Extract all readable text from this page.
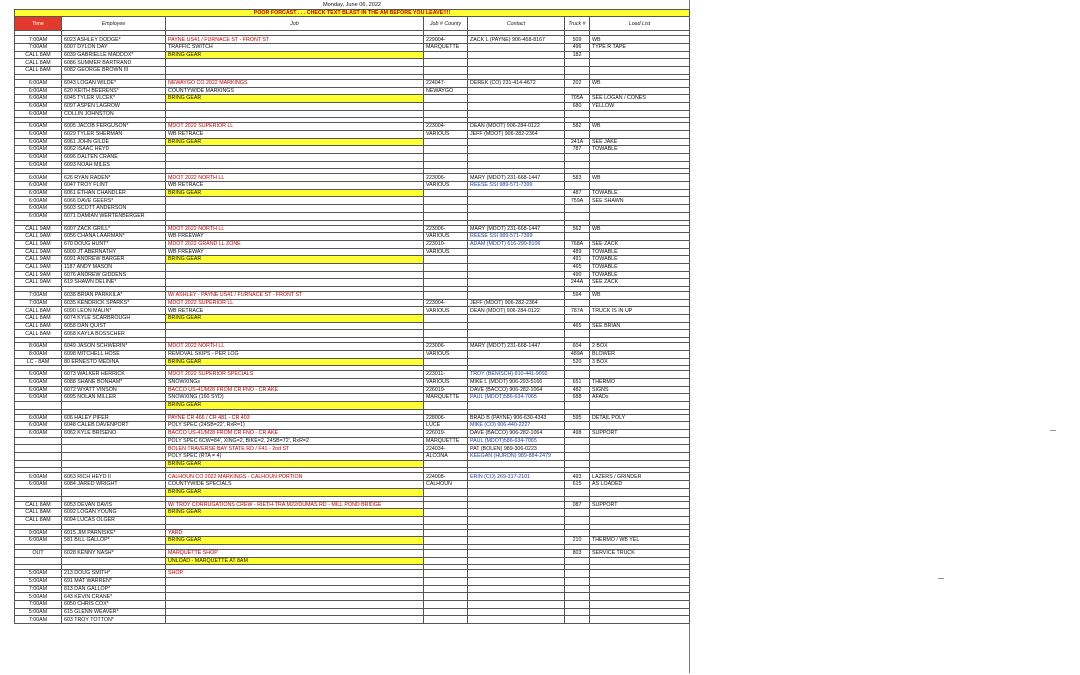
Monday, June 06, 2022						
POOR FORCAST . . . CHECK TEXT BLAST IN THE AM BEFORE YOU LEAVE!!!!						
Time	Employee	Job	Job # County	Contact	Truck #	Load List

7:00AM	6023 ASHLEY DODGE*	PAYNE US41 / FURNACE ST - FRONT ST	229004-	ZACK L (PAYNE) 906-458-8167	509	WB
7:00AM	6007 DYLON DAY	TRAFFIC SWITCH	MARQUETTE		496	TYPE R TAPE
CALL 8AM	6039 GABRIELLE MADDOX*	BRING GEAR			182	
CALL 8AM	6086 SUMMER BARTRAND					
CALL 8AM	6082 GEORGE BROWN III					

6:00AM	6043 LOGAN WILDE*	NEWAYGO CO 2022 MARKINGS	224047-	DEREK (CO) 231-414-4672	202	WB
6:00AM	620 KEITH BEERENS*	COUNTYWIDE MARKINGS	NEWAYGO			
6:00AM	6045 TYLER VLCEK*	BRING GEAR			705A	SEE LOGAN / CONES
6:00AM	6097 ASPEN LAGROW				680	YELLOW
6:00AM	COLLIN JOHNSTON					

6:00AM	6005 JACOB FERGUSON*	MDOT 2022 SUPERIOR LL	223004-	DEAN (MDOT) 906-284-0122	582	WB
6:00AM	6029 TYLER SHERMAN	WB RETRACE	VARIOUS	JEFF (MDOT) 906-282-2364		
6:00AM	6061 JOHN GILDE	BRING GEAR			241A	SEE JAKE
6:00AM	6062 ISAAC HEYD				787	TOWABLE
6:00AM	6096 DALTEN CRANE					
6:00AM	6093 NOAH MILES					

6:00AM	626 RYAN RADEN*	MDOT 2022 NORTH LL	223006-	MARY (MDOT) 231-668-1447	583	WB
6:00AM	6047 TROY FLINT	WB RETRACE	VARIOUS	REESE SSI 989-571-7399		
6:00AM	6061 ETHAN CHANDLER	BRING GEAR			487	TOWABLE
6:00AM	6066 DAVE GEERS*				759A	SEE SHAWN
6:00AM	5603 SCOTT ANDERSON					
6:00AM	6071 DAMIAN WERTENBERGER					

CALL 9AM	6007 ZACK GRILL*	MDOT 2022 NORTH LL	223006-	MARY (MDOT) 231-668-1447	562	WB
CALL 9AM	6056 CHANA LAARMAN*	WB FREEWAY	VARIOUS	REESE SSI 989-571-7399		
CALL 9AM	670 DOUG HUNT*	MDOT 2022 GRAND LL ZONE	223010-	ADAM (MDOT) 616-299-8106	768A	SEE ZACK
CALL 9AM	6009 JT ABERNATHY	WB FREEWAY	VARIOUS		489	TOWABLE
CALL 9AM	6091 ANDREW BARGER	BRING GEAR			491	TOWABLE
CALL 9AM	1187 ANDY MASON				465	TOWABLE
CALL 9AM	6076 ANDREW GIDDENS				490	TOWABLE
CALL 9AM	619 SHAWN DELINE*				244A	SEE ZACK

7:00AM	6038 BRIAN PARKKILA*	W/ ASHLEY - PAYNE US41 / FURNACE ST - FRONT ST			594	WB
7:00AM	6035 KENDRICK SPARKS*	MDOT 2022 SUPERIOR LL	223004-	JEFF (MDOT) 906-282-2364		
CALL 8AM	6090 LEON MALIN*	WB RETRACE	VARIOUS	DEAN (MDOT) 906-284-0122	787A	TRUCK IS IN UP
CALL 8AM	6074 KYLE SCARBROUGH	BRING GEAR				
CALL 8AM	6058 DAN QUIST				465	SEE BRIAN
CALL 8AM	6068 KAYLA BOSSCHER					

8:00AM	6049 JASON SCHWERIN*	MDOT 2022 NORTH LL	223006-	MARY (MDOT) 231-668-1447	604	2 BOX
8:00AM	6098 MITCHELL HOSE	REMOVAL SKIPS - PER LOG	VARIOUS		489A	BLOWER
LC - 8AM	80 ERNESTO MEDINA	BRING GEAR			520	3 BOX

6:00AM	6073 WALKER HERRICK	MDOT 2022 SUPERIOR SPECIALS	223011-	TROY (BENISCH) 810-441-9092		
6:00AM	6088 SHANE BONHAM*	SNOWXINGs	VARIOUS	MIKE L (MDOT) 906-293-5166	651	THERMO
6:00AM	6072 WYATT VINSON	BACCO US-41/M28 FROM CR FNO - CR AKE	226019-	DAVE (BACCO) 906-282-1064	482	SIGNS
6:00AM	6095 NOLAN MILLER	SNOWXING (160 SYD)	MARQUETTE	PAUL (MDOT)586-634-7065	688	AFADs
		BRING GEAR				

6:00AM	606 HALEY PIFER	PAYNE CR 466 / CR 481 - CR 403	228006-	BRAD B (PAYNE) 906-630-4343	595	DETAIL POLY
6:00AM	6048 CALEB DAVENPORT	POLY SPEC (24SB=22', RxR=1)	LUCE	MIKE (CO) 906-440-2227		
6:00AM	6062 KYLE BRISENO	BACCO US-41/M28 FROM CR FNO - CR AKE	226019-	DAVE (BACCO) 906-282-1064	498	SUPPORT
		POLY SPEC 6CW=84', XING=2, BIKE=2, 24SB=72', RxR=2	MARQUETTE	PAUL (MDOT)586-634-7065		
		BOLEN TRAVERSE BAY STATE RD / F41 - 2nd ST	224034-	PAT (BOLEN) 989-306-0223		
		POLY SPEC (RTA = 4)	ALCONA	KEEGAN (HURON) 989-884-2479		
		BRING GEAR				

6:00AM	6063 RICH HEYD II	CALHOUN CO 2022 MARKINGS - CALHOUN PORTION	224008-	ERIN (CO) 269-317-2101	493	LAZERS / GRINDER
6:00AM	6084 JARED WRIGHT	COUNTYWIDE SPECIALS	CALHOUN		615	AS LOADED
		BRING GEAR				

CALL 8AM	6053 DEVAN DAVIS	W/ TROY CORRUGATIONS CREW - RIETH-TRA M22/DUMAS RD - MILL POND BRIDGE			087	SUPPORT
CALL 8AM	6092 LOGAN YOUNG	BRING GEAR				
CALL 8AM	6094 LUCAS OLGER					

9:00AM	6015 JIM PARNISKE*	YARD				
6:00AM	581 BILL GALLOP*	BRING GEAR			210	THERMO / WB YEL

OUT	6028 KENNY NASH*	MARQUETTE SHOP			803	SERVICE TRUCK
		UNLOAD - MARQUETTE AT 8AM				

5:00AM	213 DOUG SMITH*	SHOP				
5:00AM	691 MAT WARREN*					
7:00AM	813 DAN GALLOP*					
5:00AM	643 KEVIN CRANE*					
7:00AM	6050 CHRIS COX*					
5:00AM	615 GLENN WEAVER*					
7:00AM	603 TROY TOTTON*					
